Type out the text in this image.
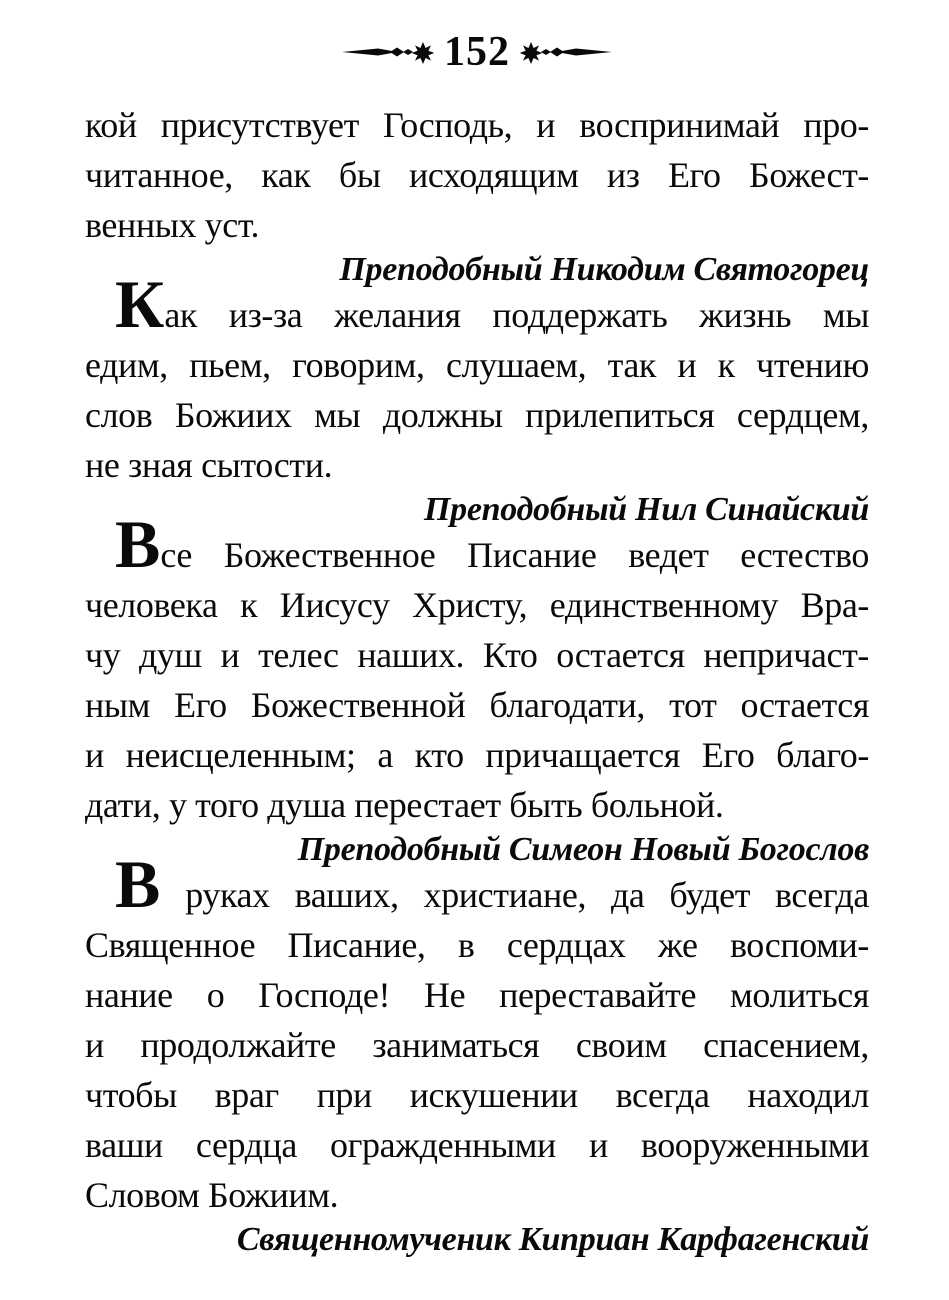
152
кой присутствует Господь, и воспринимай про-
читанное, как бы исходящим из Его Божест-
венных уст.
Преподобный Никодим Святогорец
Как из-за желания поддержать жизнь мы
едим, пьем, говорим, слушаем, так и к чтению
слов Божиих мы должны прилепиться сердцем,
не зная сытости.
Преподобный Нил Синайский
Все Божественное Писание ведет естество
человека к Иисусу Христу, единственному Вра-
чу душ и телес наших. Кто остается непричаст-
ным Его Божественной благодати, тот остается
и неисцеленным; а кто причащается Его благо-
дати, у того душа перестает быть больной.
Преподобный Симеон Новый Богослов
В руках ваших, христиане, да будет всегда
Священное Писание, в сердцах же воспоми-
нание о Господе! Не переставайте молиться
и продолжайте заниматься своим спасением,
чтобы враг при искушении всегда находил
ваши сердца огражденными и вооруженными
Словом Божиим.
Священномученик Киприан Карфагенский
